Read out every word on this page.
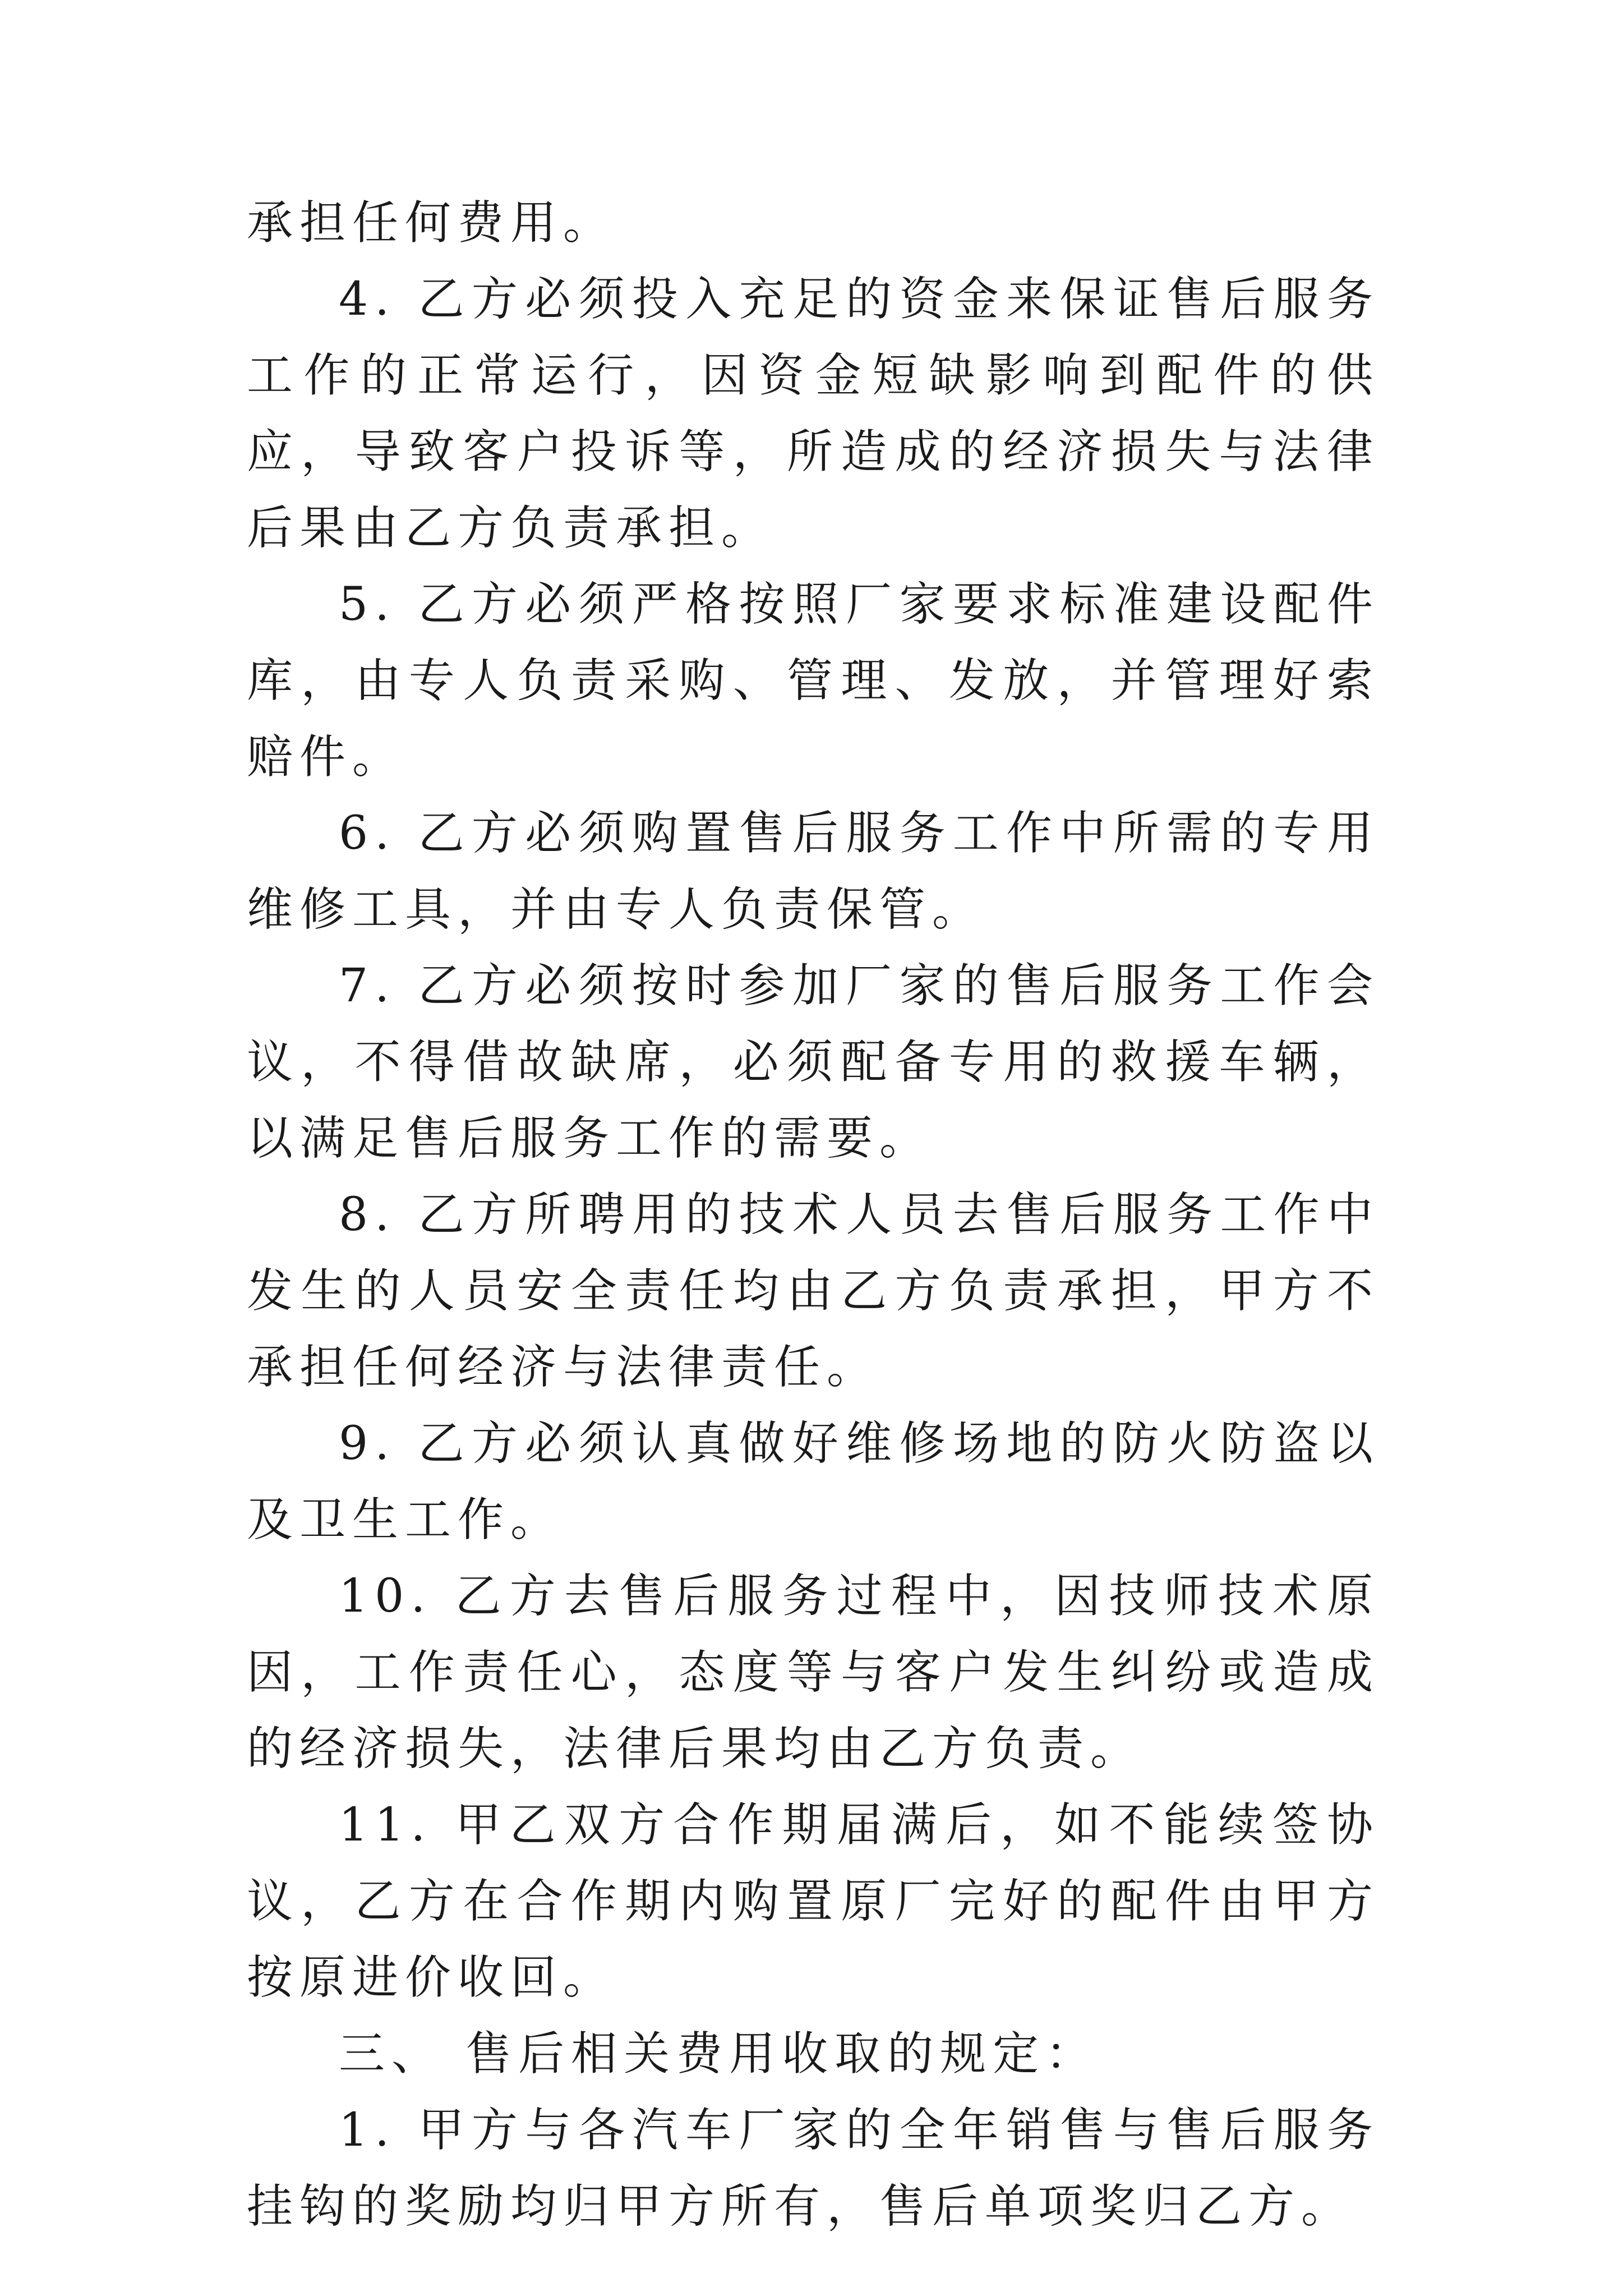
承担任何费用。

4. 乙方必须投入充足的资金来保证售后服务工作的正常运行，因资金短缺影响到配件的供应，导致客户投诉等，所造成的经济损失与法律后果由乙方负责承担。

5. 乙方必须严格按照厂家要求标准建设配件库，由专人负责采购、管理、发放，并管理好索赔件。

6. 乙方必须购置售后服务工作中所需的专用维修工具，并由专人负责保管。

7. 乙方必须按时参加厂家的售后服务工作会议，不得借故缺席，必须配备专用的救援车辆，以满足售后服务工作的需要。

8. 乙方所聘用的技术人员去售后服务工作中发生的人员安全责任均由乙方负责承担，甲方不承担任何经济与法律责任。

9. 乙方必须认真做好维修场地的防火防盗以及卫生工作。

10. 乙方去售后服务过程中，因技师技术原因，工作责任心，态度等与客户发生纠纷或造成的经济损失，法律后果均由乙方负责。

11. 甲乙双方合作期届满后，如不能续签协议，乙方在合作期内购置原厂完好的配件由甲方按原进价收回。

三、 售后相关费用收取的规定：

1. 甲方与各汽车厂家的全年销售与售后服务挂钩的奖励均归甲方所有，售后单项奖归乙方。
